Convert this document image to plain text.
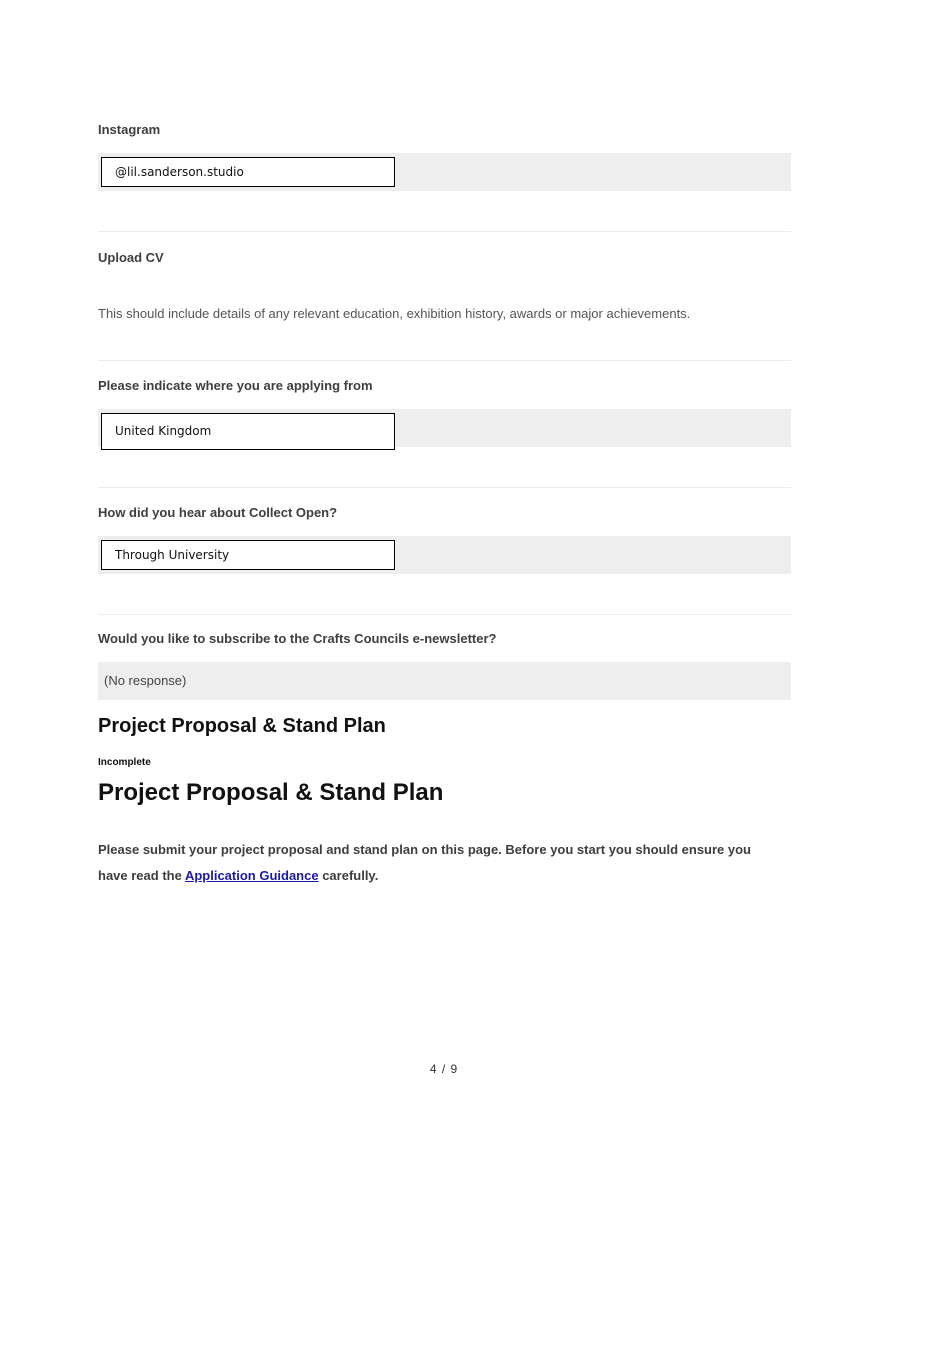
Instagram
@lil.sanderson.studio
Upload CV
This should include details of any relevant education, exhibition history, awards or major achievements.
Please indicate where you are applying from
United Kingdom
How did you hear about Collect Open?
Through University
Would you like to subscribe to the Crafts Councils e-newsletter?
(No response)
Project Proposal & Stand Plan
Incomplete
Project Proposal & Stand Plan
Please submit your project proposal and stand plan on this page. Before you start you should ensure you have read the Application Guidance carefully.
4 / 9
